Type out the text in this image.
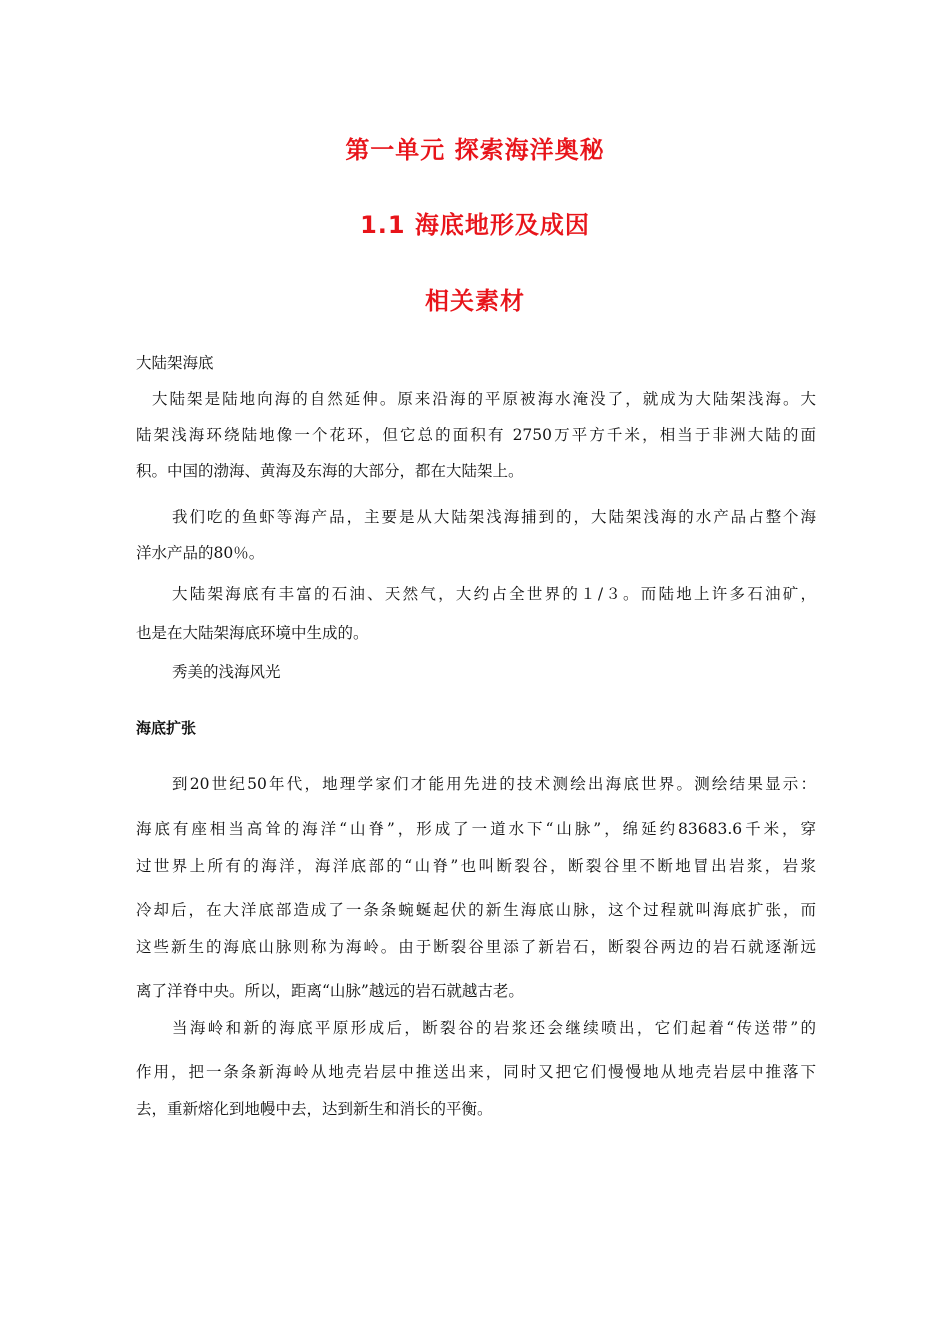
第一单元 探索海洋奥秘
1.1 海底地形及成因
相关素材
大陆架海底
大陆架是陆地向海的自然延伸。原来沿海的平原被海水淹没了，就成为大陆架浅海。大
陆架浅海环绕陆地像一个花环，但它总的面积有 2750万平方千米，相当于非洲大陆的面
积。中国的渤海、黄海及东海的大部分，都在大陆架上。
我们吃的鱼虾等海产品，主要是从大陆架浅海捕到的，大陆架浅海的水产品占整个海
洋水产品的80％。
大陆架海底有丰富的石油、天然气，大约占全世界的１/３。而陆地上许多石油矿，
也是在大陆架海底环境中生成的。
秀美的浅海风光
海底扩张
到20世纪50年代，地理学家们才能用先进的技术测绘出海底世界。测绘结果显示：
海底有座相当高耸的海洋“山脊”，形成了一道水下“山脉”，绵延约83683.6千米，穿
过世界上所有的海洋，海洋底部的“山脊”也叫断裂谷，断裂谷里不断地冒出岩浆，岩浆
冷却后，在大洋底部造成了一条条蜿蜒起伏的新生海底山脉，这个过程就叫海底扩张，而
这些新生的海底山脉则称为海岭。由于断裂谷里添了新岩石，断裂谷两边的岩石就逐渐远
离了洋脊中央。所以，距离“山脉”越远的岩石就越古老。
当海岭和新的海底平原形成后，断裂谷的岩浆还会继续喷出，它们起着“传送带”的
作用，把一条条新海岭从地壳岩层中推送出来，同时又把它们慢慢地从地壳岩层中推落下
去，重新熔化到地幔中去，达到新生和消长的平衡。
